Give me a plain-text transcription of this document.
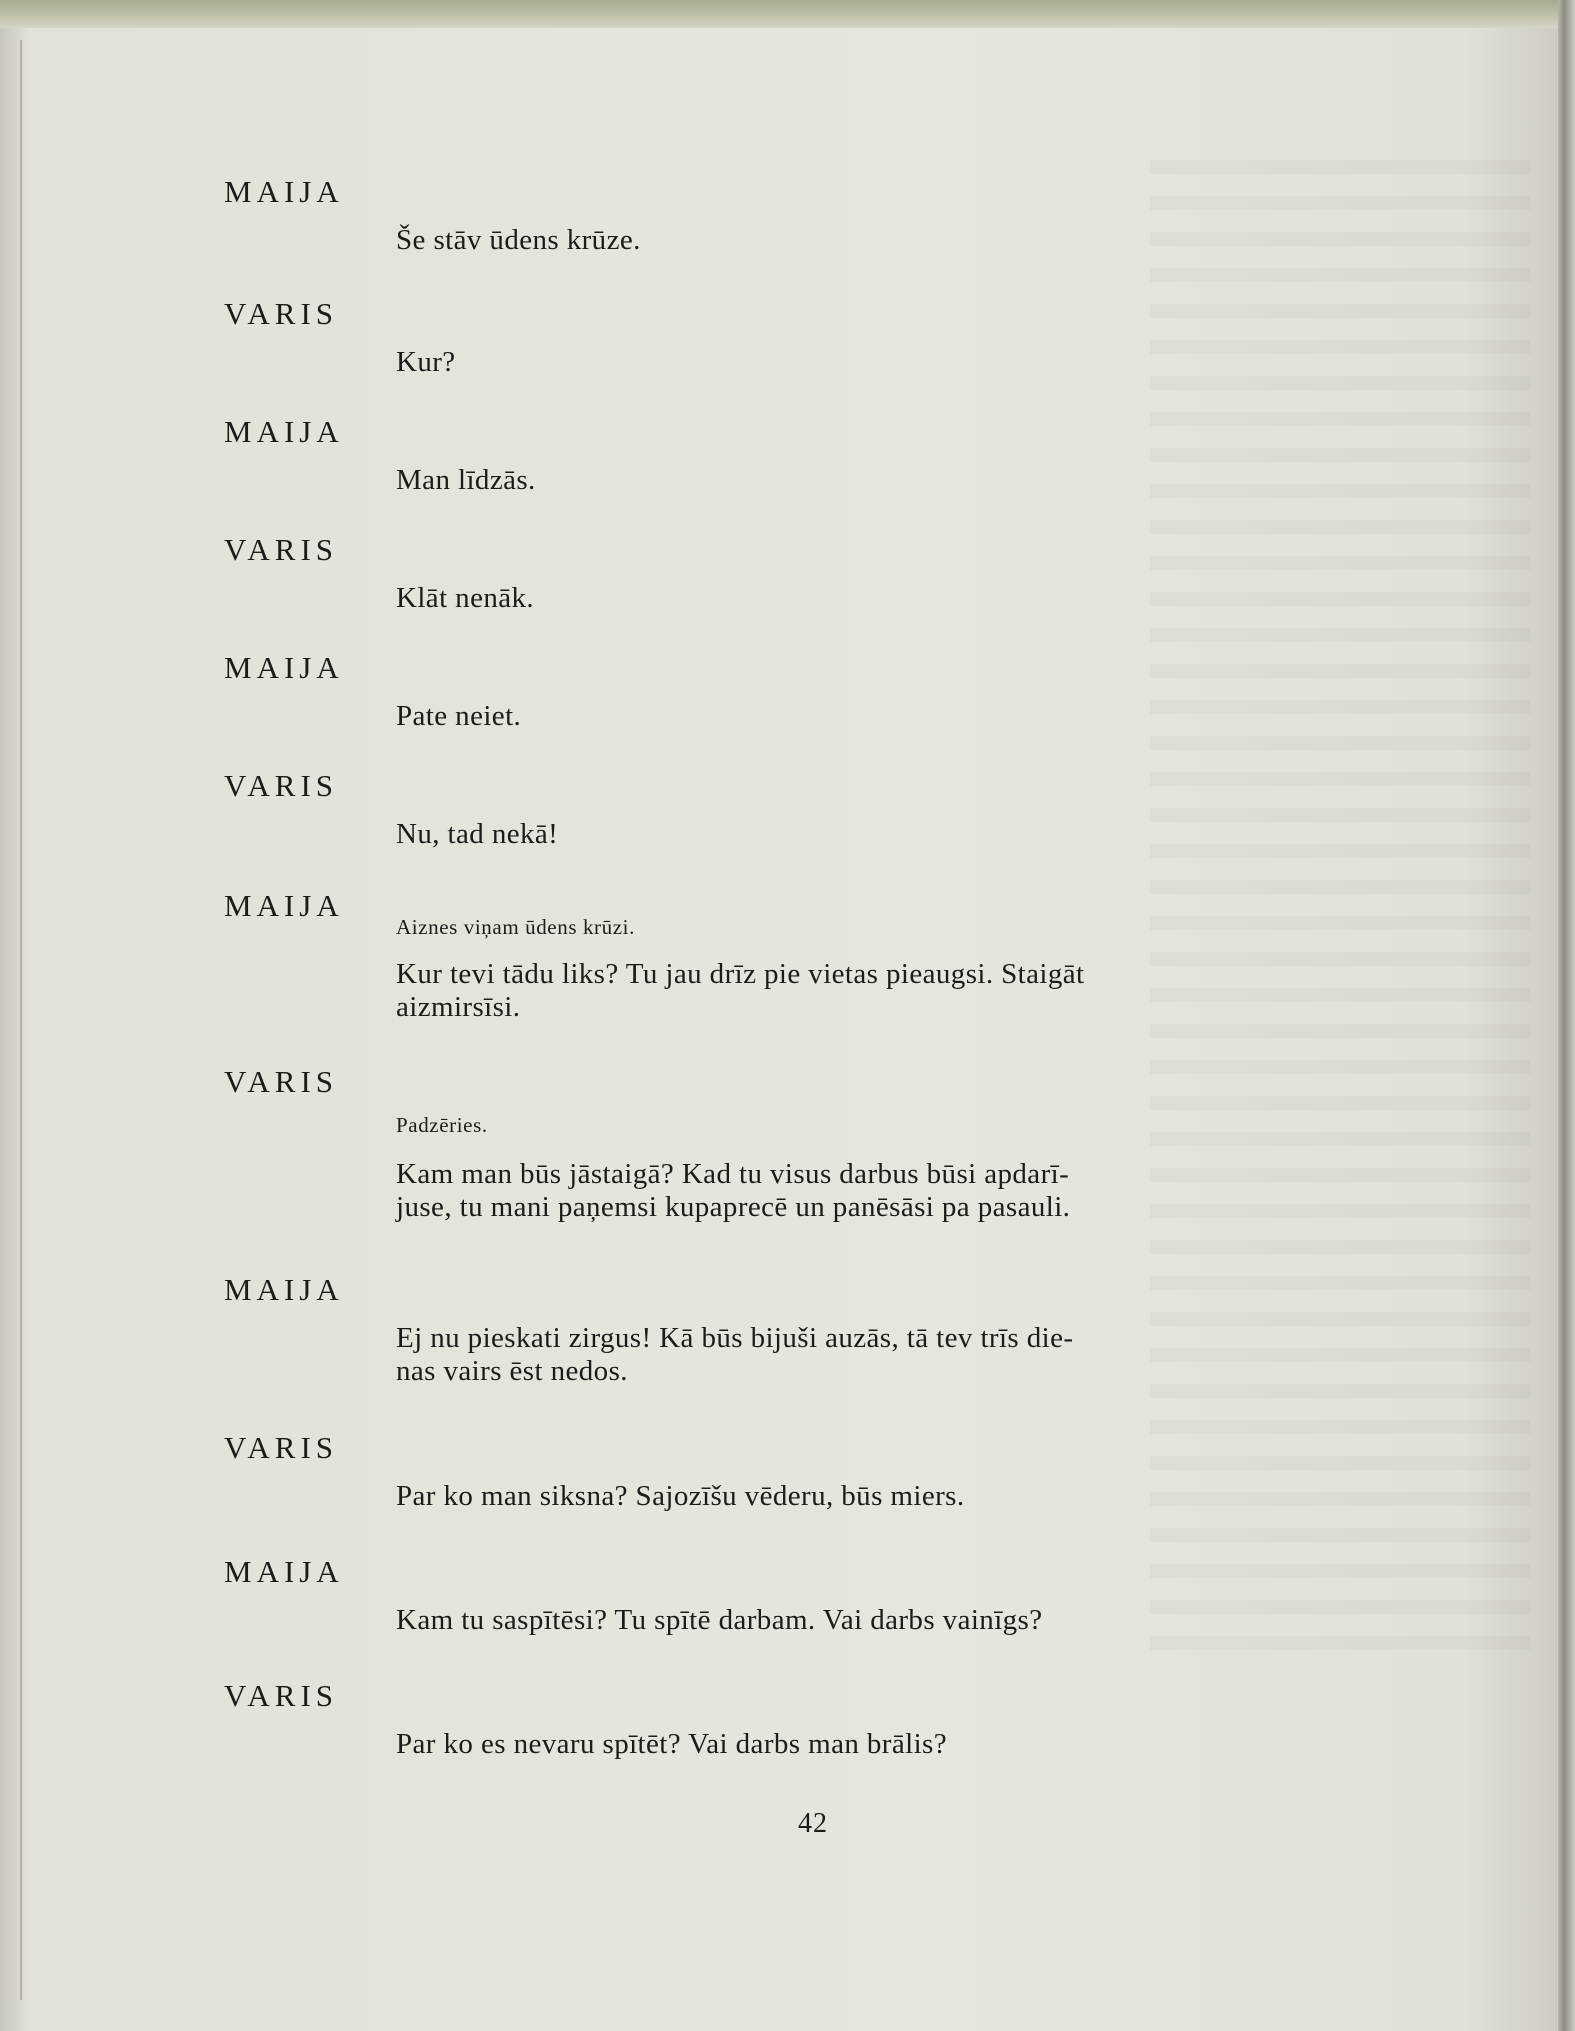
MAIJA
Še stāv ūdens krūze.
VARIS
Kur?
MAIJA
Man līdzās.
VARIS
Klāt nenāk.
MAIJA
Pate neiet.
VARIS
Nu, tad nekā!
MAIJA
Aiznes viņam ūdens krūzi.
Kur tevi tādu liks? Tu jau drīz pie vietas pieaugsi. Staigāt
aizmirsīsi.
VARIS
Padzēries.
Kam man būs jāstaigā? Kad tu visus darbus būsi apdarī-
juse, tu mani paņemsi kupaprecē un panēsāsi pa pasauli.
MAIJA
Ej nu pieskati zirgus! Kā būs bijuši auzās, tā tev trīs die-
nas vairs ēst nedos.
VARIS
Par ko man siksna? Sajozīšu vēderu, būs miers.
MAIJA
Kam tu saspītēsi? Tu spītē darbam. Vai darbs vainīgs?
VARIS
Par ko es nevaru spītēt? Vai darbs man brālis?
42
